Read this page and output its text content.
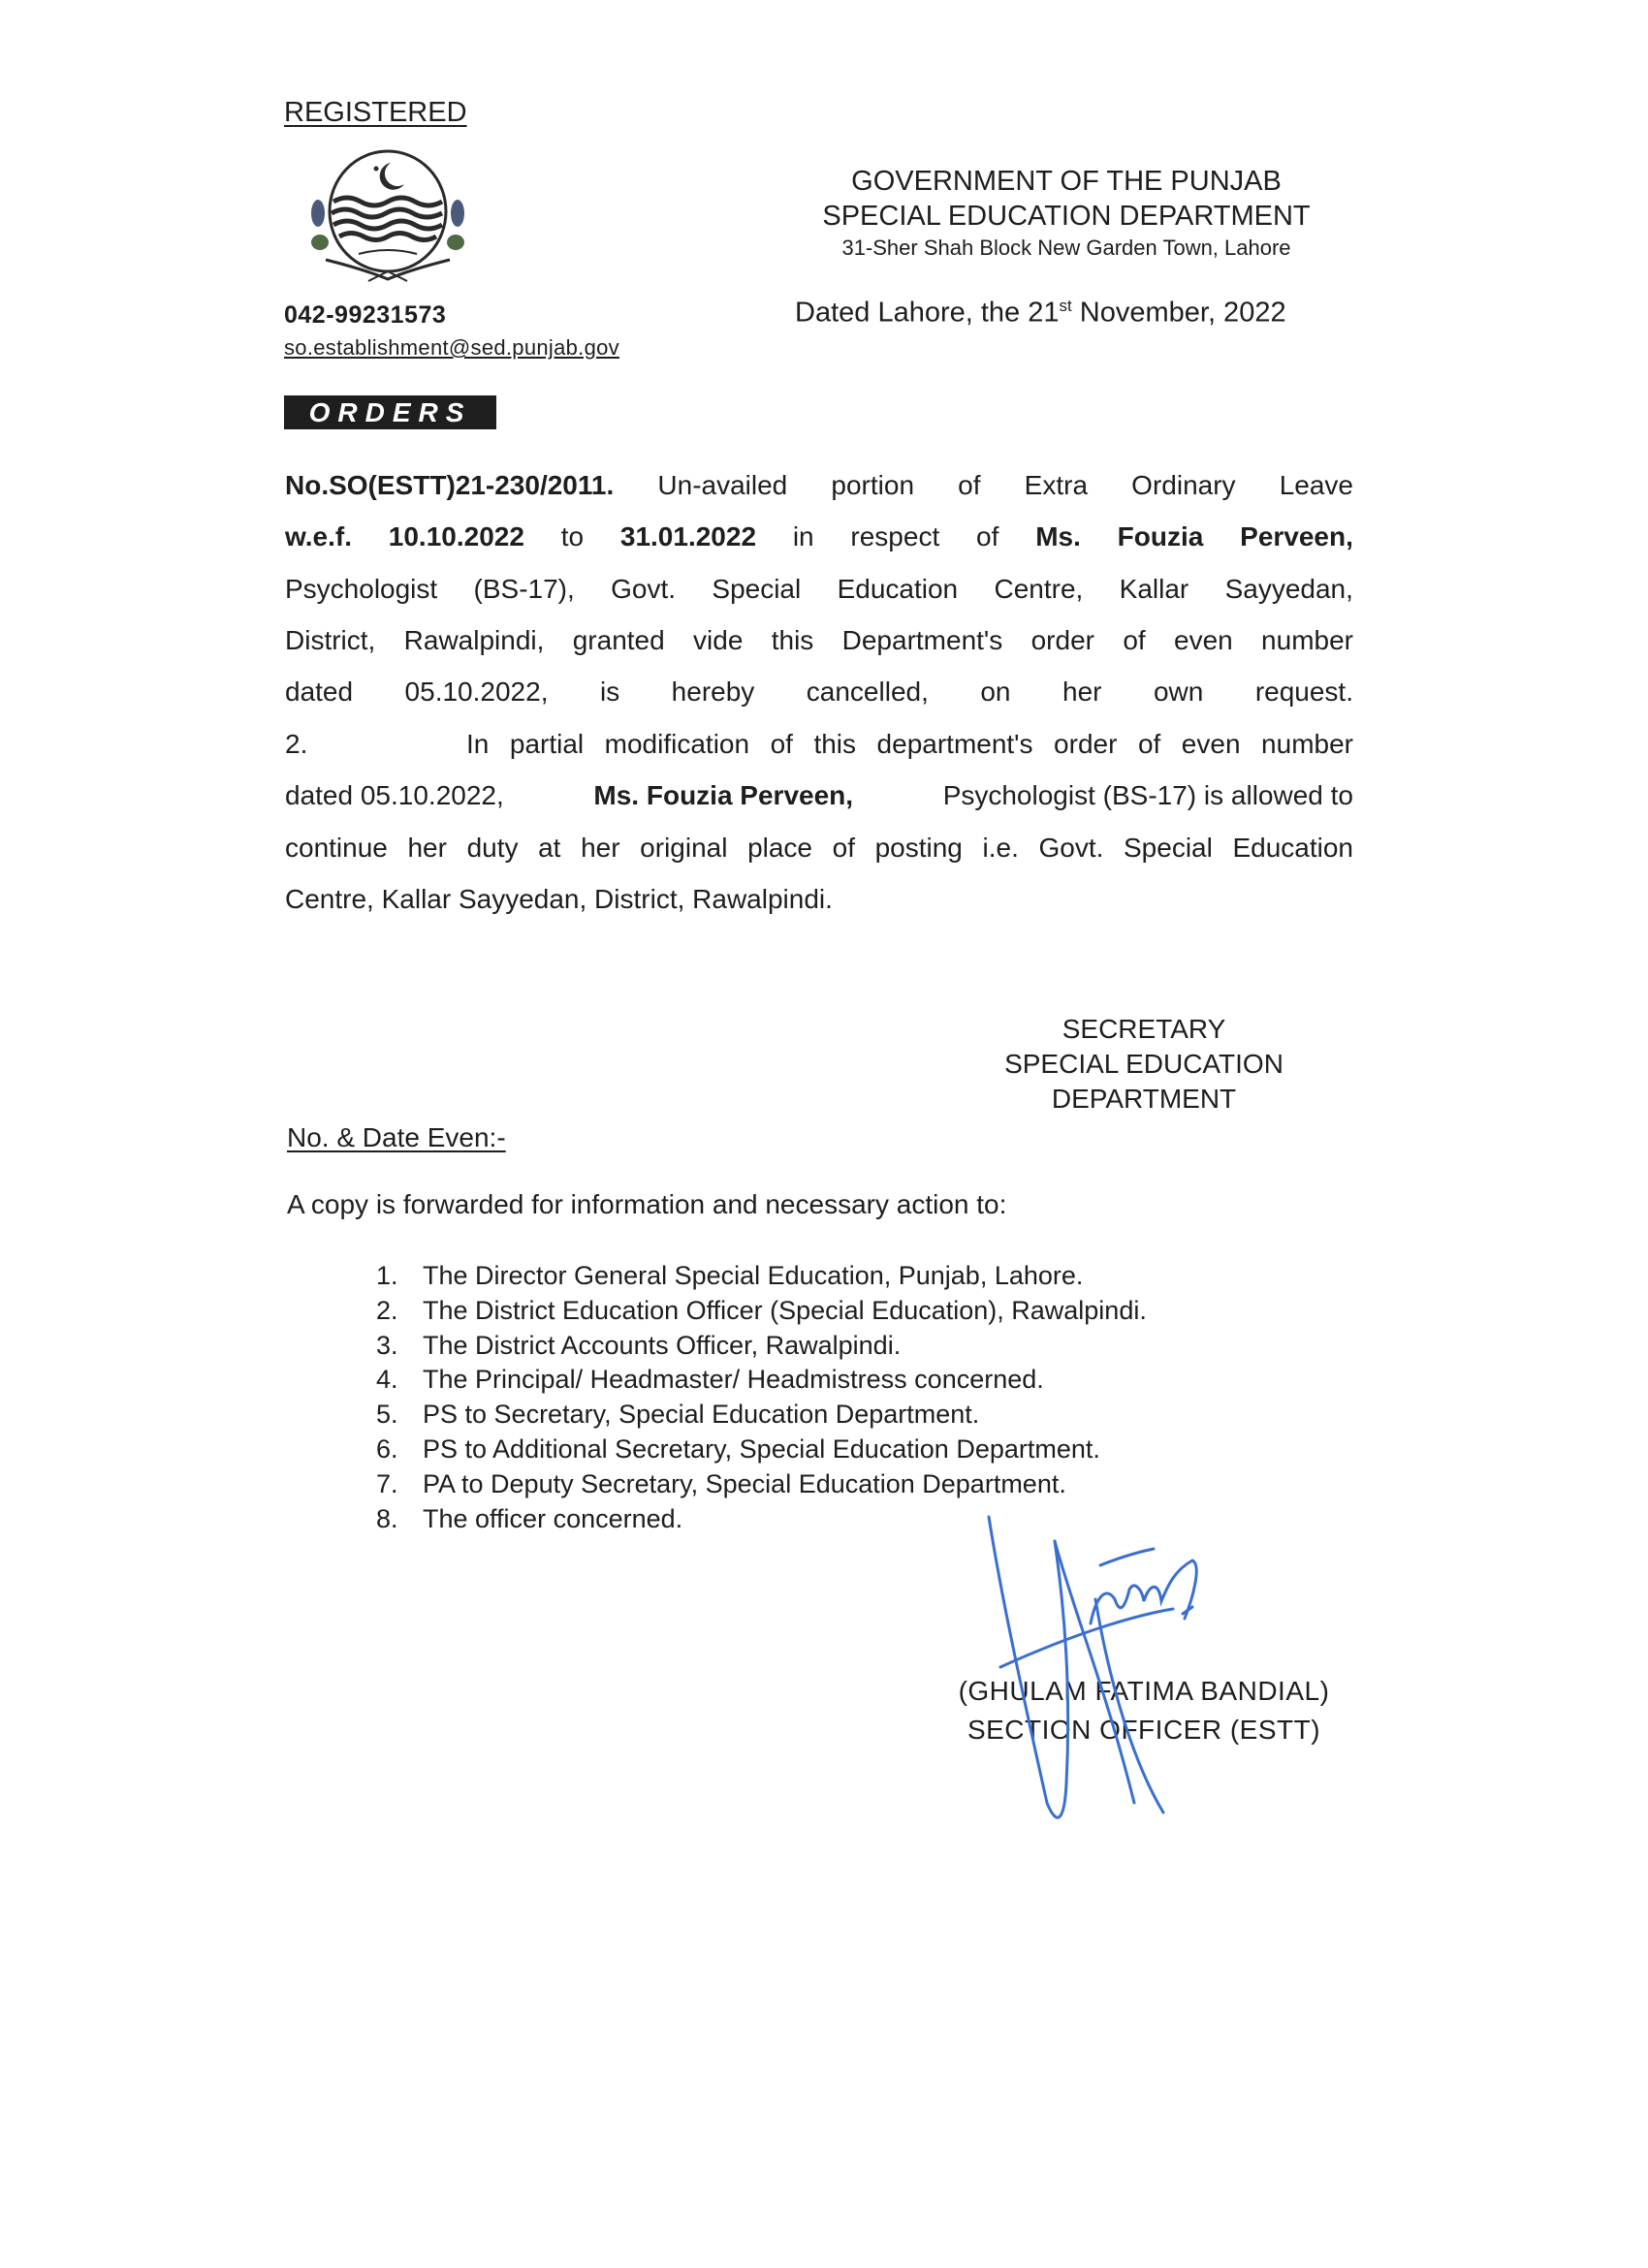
REGISTERED
042-99231573
so.establishment@sed.punjab.gov
GOVERNMENT OF THE PUNJAB
SPECIAL EDUCATION DEPARTMENT
31-Sher Shah Block New Garden Town, Lahore
Dated Lahore, the 21st November, 2022
ORDERS
No.SO(ESTT)21-230/2011. Un-availed portion of Extra Ordinary Leave
w.e.f. 10.10.2022 to 31.01.2022 in respect of Ms. Fouzia Perveen,
Psychologist (BS-17), Govt. Special Education Centre, Kallar Sayyedan,
District, Rawalpindi, granted vide this Department's order of even number
dated 05.10.2022, is hereby cancelled, on her own request.
2.	In partial modification of this department's order of even number
dated 05.10.2022,	Ms. Fouzia Perveen,	Psychologist (BS-17) is allowed to
continue her duty at her original place of posting i.e. Govt. Special Education
Centre, Kallar Sayyedan, District, Rawalpindi.
SECRETARY
SPECIAL EDUCATION
DEPARTMENT
No. & Date Even:-
A copy is forwarded for information and necessary action to:
1. The Director General Special Education, Punjab, Lahore.
2. The District Education Officer (Special Education), Rawalpindi.
3. The District Accounts Officer, Rawalpindi.
4. The Principal/ Headmaster/ Headmistress concerned.
5. PS to Secretary, Special Education Department.
6. PS to Additional Secretary, Special Education Department.
7. PA to Deputy Secretary, Special Education Department.
8. The officer concerned.
(GHULAM FATIMA BANDIAL)
SECTION OFFICER (ESTT)
